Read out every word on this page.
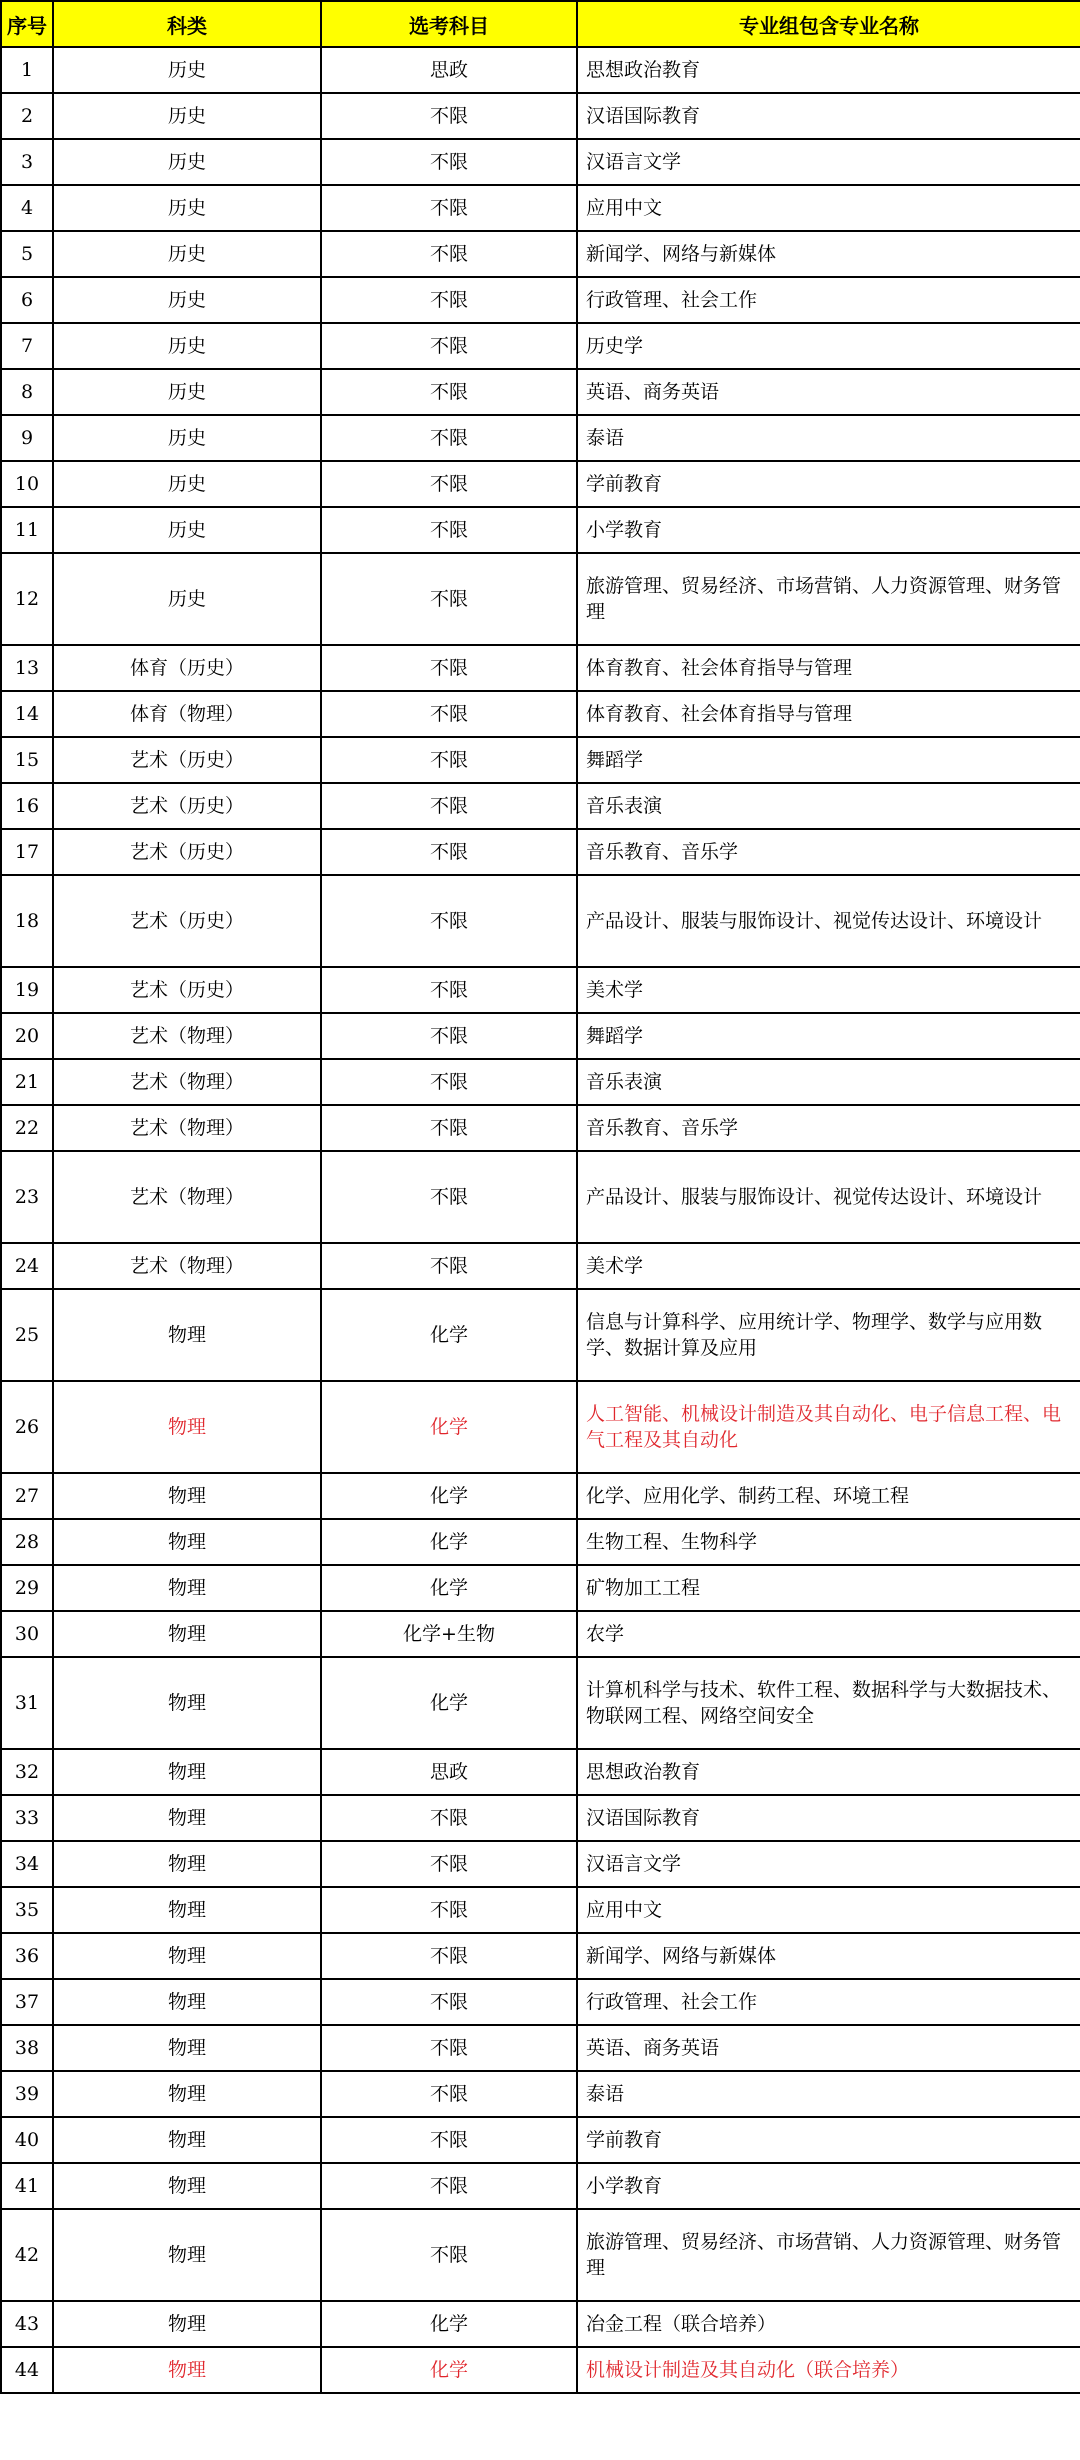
序号	科类	选考科目	专业组包含专业名称
1	历史	思政	思想政治教育
2	历史	不限	汉语国际教育
3	历史	不限	汉语言文学
4	历史	不限	应用中文
5	历史	不限	新闻学、网络与新媒体
6	历史	不限	行政管理、社会工作
7	历史	不限	历史学
8	历史	不限	英语、商务英语
9	历史	不限	泰语
10	历史	不限	学前教育
11	历史	不限	小学教育
12	历史	不限	旅游管理、贸易经济、市场营销、人力资源管理、财务管理
13	体育（历史）	不限	体育教育、社会体育指导与管理
14	体育（物理）	不限	体育教育、社会体育指导与管理
15	艺术（历史）	不限	舞蹈学
16	艺术（历史）	不限	音乐表演
17	艺术（历史）	不限	音乐教育、音乐学
18	艺术（历史）	不限	产品设计、服装与服饰设计、视觉传达设计、环境设计
19	艺术（历史）	不限	美术学
20	艺术（物理）	不限	舞蹈学
21	艺术（物理）	不限	音乐表演
22	艺术（物理）	不限	音乐教育、音乐学
23	艺术（物理）	不限	产品设计、服装与服饰设计、视觉传达设计、环境设计
24	艺术（物理）	不限	美术学
25	物理	化学	信息与计算科学、应用统计学、物理学、数学与应用数学、数据计算及应用
26	物理	化学	人工智能、机械设计制造及其自动化、电子信息工程、电气工程及其自动化
27	物理	化学	化学、应用化学、制药工程、环境工程
28	物理	化学	生物工程、生物科学
29	物理	化学	矿物加工工程
30	物理	化学+生物	农学
31	物理	化学	计算机科学与技术、软件工程、数据科学与大数据技术、物联网工程、网络空间安全
32	物理	思政	思想政治教育
33	物理	不限	汉语国际教育
34	物理	不限	汉语言文学
35	物理	不限	应用中文
36	物理	不限	新闻学、网络与新媒体
37	物理	不限	行政管理、社会工作
38	物理	不限	英语、商务英语
39	物理	不限	泰语
40	物理	不限	学前教育
41	物理	不限	小学教育
42	物理	不限	旅游管理、贸易经济、市场营销、人力资源管理、财务管理
43	物理	化学	冶金工程（联合培养）
44	物理	化学	机械设计制造及其自动化（联合培养）
